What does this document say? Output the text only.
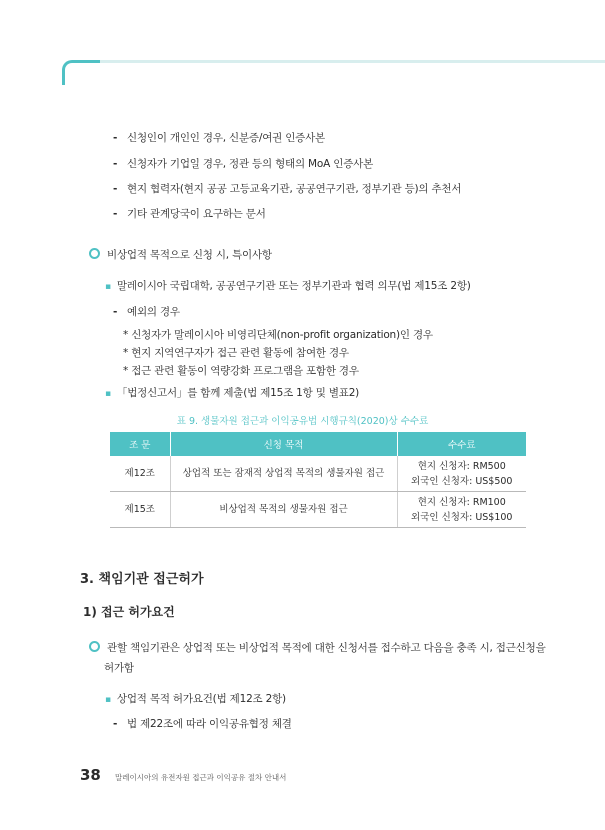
- 신청인이 개인인 경우, 신분증/여권 인증사본
- 신청자가 기업일 경우, 정관 등의 형태의 MoA 인증사본
- 현지 협력자(현지 공공 고등교육기관, 공공연구기관, 정부기관 등)의 추천서
- 기타 관계당국이 요구하는 문서
비상업적 목적으로 신청 시, 특이사항
▪ 말레이시아 국립대학, 공공연구기관 또는 정부기관과 협력 의무(법 제15조 2항)
- 예외의 경우
* 신청자가 말레이시아 비영리단체(non-profit organization)인 경우
* 현지 지역연구자가 접근 관련 활동에 참여한 경우
* 접근 관련 활동이 역량강화 프로그램을 포함한 경우
▪ 「법정신고서」를 함께 제출(법 제15조 1항 및 별표2)
표 9. 생물자원 접근과 이익공유법 시행규칙(2020)상 수수료
조 문	신청 목적	수수료
제12조	상업적 또는 잠재적 상업적 목적의 생물자원 접근	현지 신청자: RM500
외국인 신청자: US$500

제15조	비상업적 목적의 생물자원 접근	현지 신청자: RM100
외국인 신청자: US$100
3. 책임기관 접근허가
1) 접근 허가요건
관할 책임기관은 상업적 또는 비상업적 목적에 대한 신청서를 접수하고 다음을 충족 시, 접근신청을
허가함
▪ 상업적 목적 허가요건(법 제12조 2항)
- 법 제22조에 따라 이익공유협정 체결
38 말레이시아의 유전자원 접근과 이익공유 절차 안내서
